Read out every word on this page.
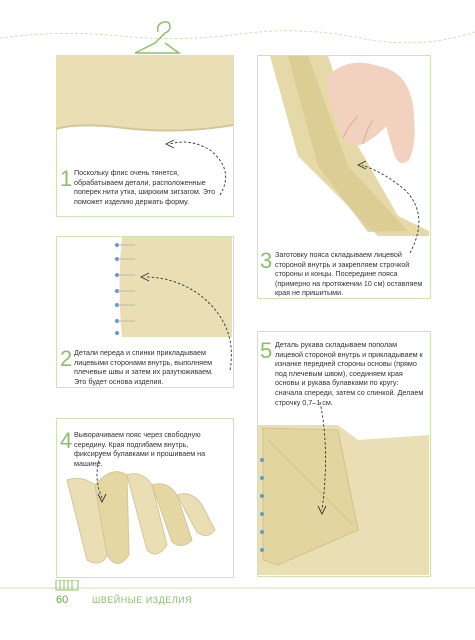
1 Поскольку флис очень тянется, обрабатываем детали, расположенные поперек нити утка, широким зигзагом. Это поможет изделию держать форму.
3 Заготовку пояса складываем лицевой стороной внутрь и закрепляем строчкой стороны и концы. Посередине пояса (примерно на протяжении 10 см) оставляем края не пришитыми.
2 Детали переда и спинки прикладываем лицевыми сторонами внутрь, выполняем плечевые швы и затем их разутюживаем. Это будет основа изделия.
5 Деталь рукава складываем пополам лицевой стороной внутрь и прикладываем к изнанке передней стороны основы (прямо под плечевым швом), соединяем края основы и рукава булавками по кругу: сначала спереди, затем со спинкой. Делаем строчку 0,7–1 см.
4 Выворачиваем пояс через свободную середину. Края подгибаем внутрь, фиксируем булавками и прошиваем на машине.
60	ШВЕЙНЫЕ ИЗДЕЛИЯ
